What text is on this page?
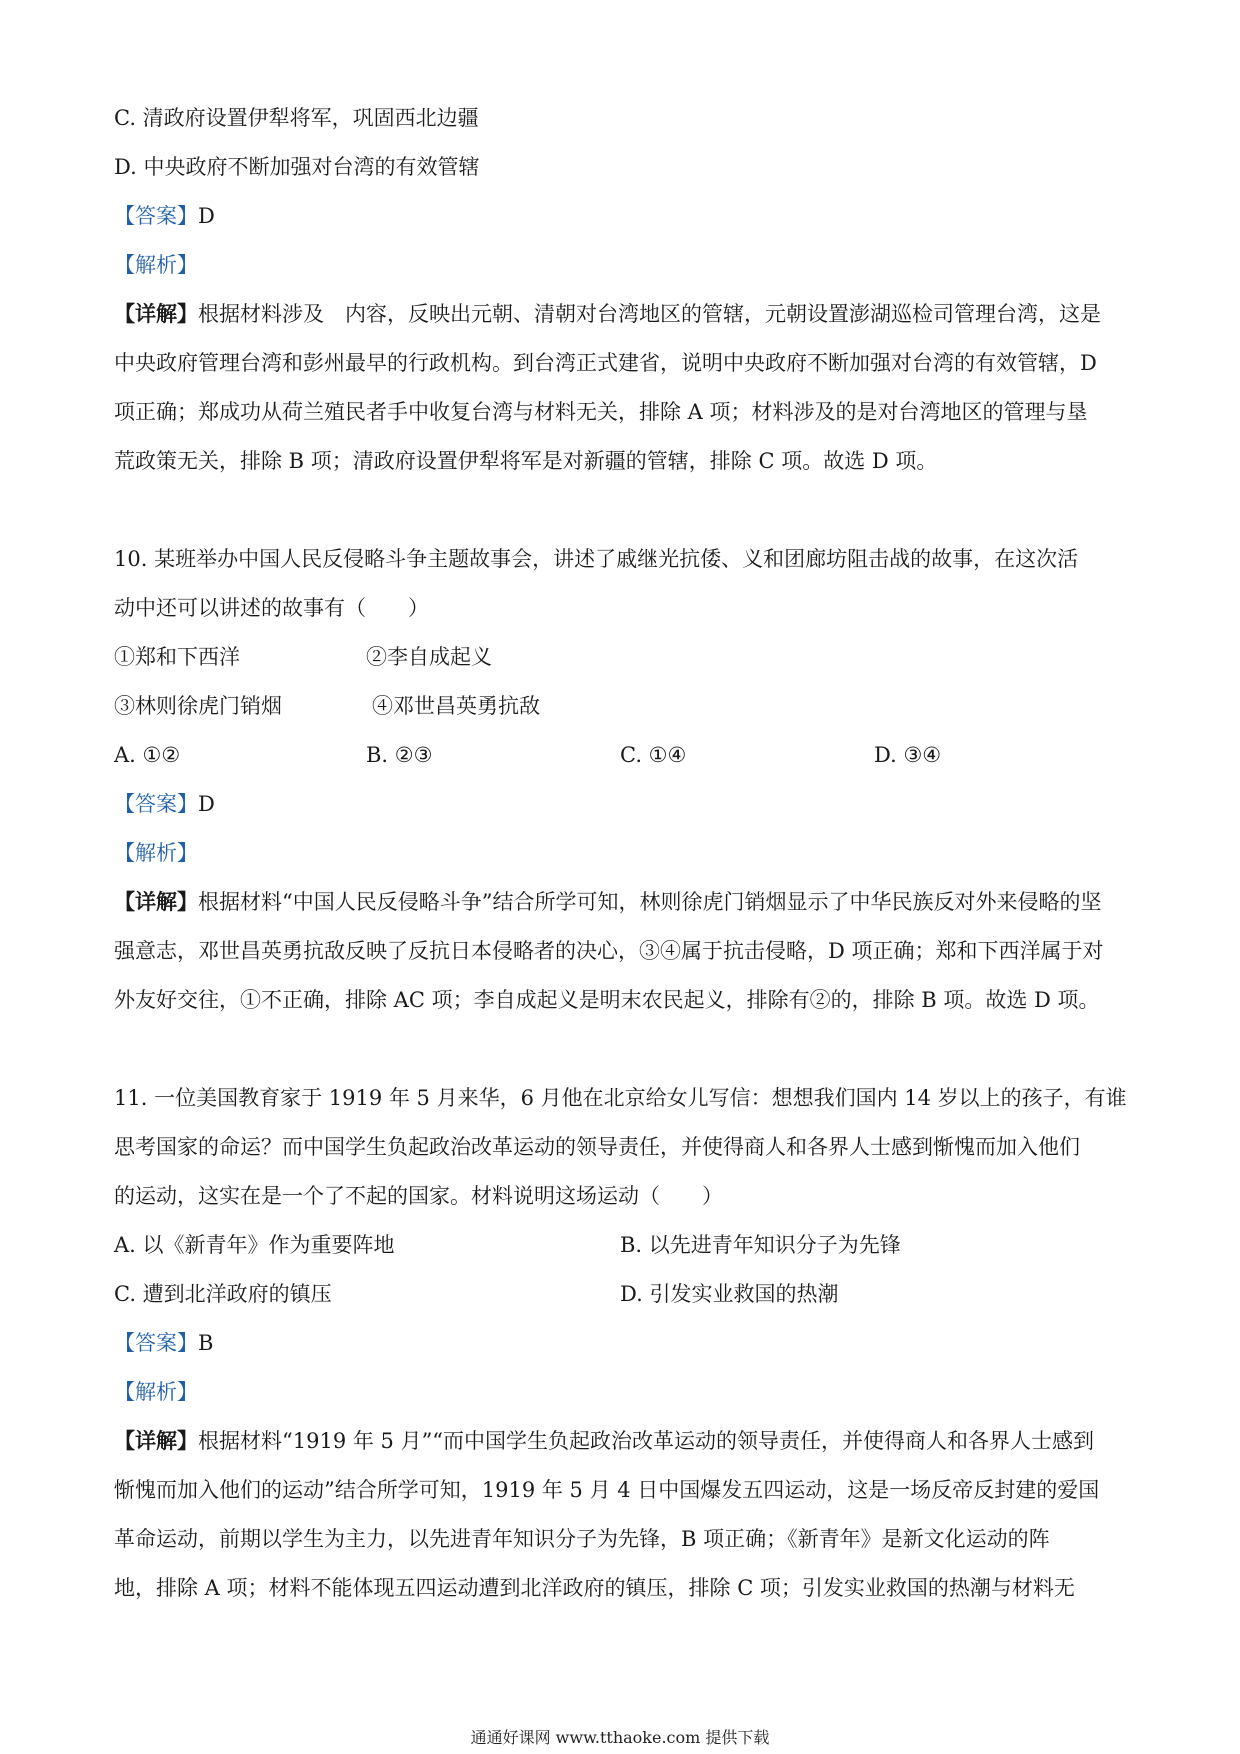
C. 清政府设置伊犁将军，巩固西北边疆
D. 中央政府不断加强对台湾的有效管辖
【答案】D
【解析】
【详解】根据材料涉及　内容，反映出元朝、清朝对台湾地区的管辖，元朝设置澎湖巡检司管理台湾，这是
中央政府管理台湾和彭州最早的行政机构。到台湾正式建省，说明中央政府不断加强对台湾的有效管辖，D
项正确；郑成功从荷兰殖民者手中收复台湾与材料无关，排除 A 项；材料涉及的是对台湾地区的管理与垦
荒政策无关，排除 B 项；清政府设置伊犁将军是对新疆的管辖，排除 C 项。故选 D 项。
10. 某班举办中国人民反侵略斗争主题故事会，讲述了戚继光抗倭、义和团廊坊阻击战的故事，在这次活
动中还可以讲述的故事有（　　）
①郑和下西洋	②李自成起义
③林则徐虎门销烟	④邓世昌英勇抗敌
A. ①②	B. ②③	C. ①④	D. ③④
【答案】D
【解析】
【详解】根据材料“中国人民反侵略斗争”结合所学可知，林则徐虎门销烟显示了中华民族反对外来侵略的坚
强意志，邓世昌英勇抗敌反映了反抗日本侵略者的决心，③④属于抗击侵略，D 项正确；郑和下西洋属于对
外友好交往，①不正确，排除 AC 项；李自成起义是明末农民起义，排除有②的，排除 B 项。故选 D 项。
11. 一位美国教育家于 1919 年 5 月来华，6 月他在北京给女儿写信：想想我们国内 14 岁以上的孩子，有谁
思考国家的命运？而中国学生负起政治改革运动的领导责任，并使得商人和各界人士感到惭愧而加入他们
的运动，这实在是一个了不起的国家。材料说明这场运动（　　）
A. 以《新青年》作为重要阵地	B. 以先进青年知识分子为先锋
C. 遭到北洋政府的镇压	D. 引发实业救国的热潮
【答案】B
【解析】
【详解】根据材料“1919 年 5 月”“而中国学生负起政治改革运动的领导责任，并使得商人和各界人士感到
惭愧而加入他们的运动”结合所学可知，1919 年 5 月 4 日中国爆发五四运动，这是一场反帝反封建的爱国
革命运动，前期以学生为主力，以先进青年知识分子为先锋，B 项正确；《新青年》是新文化运动的阵
地，排除 A 项；材料不能体现五四运动遭到北洋政府的镇压，排除 C 项；引发实业救国的热潮与材料无
通通好课网 www.tthaoke.com 提供下载
